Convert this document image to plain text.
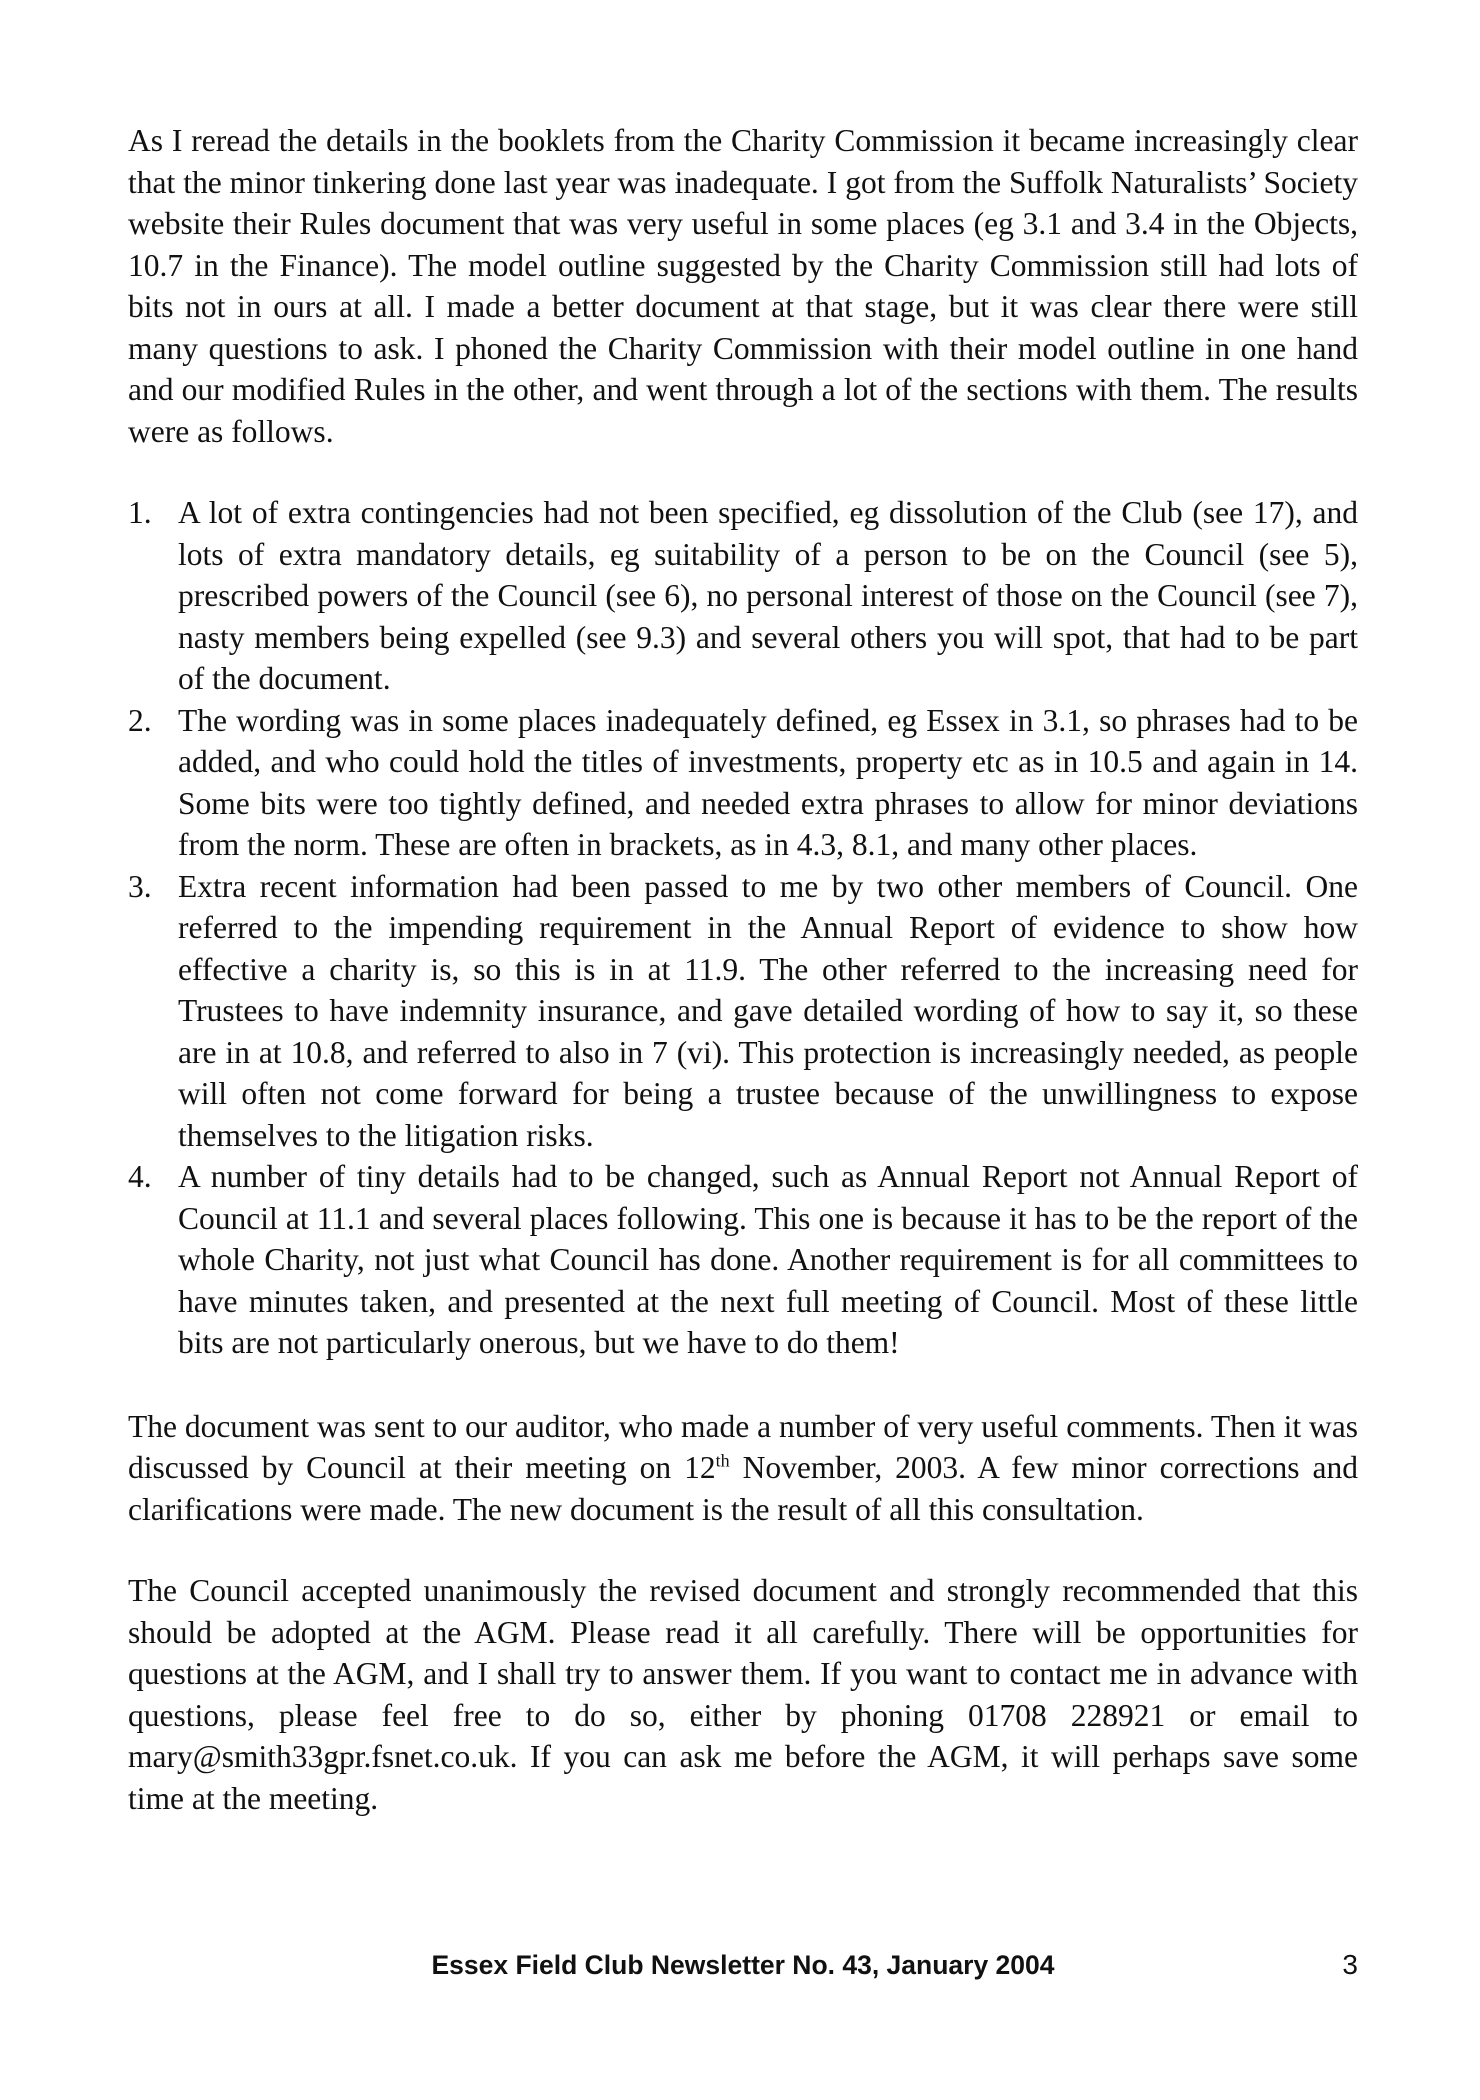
As I reread the details in the booklets from the Charity Commission it became increasingly clear that the minor tinkering done last year was inadequate. I got from the Suffolk Naturalists’ Society website their Rules document that was very useful in some places (eg 3.1 and 3.4 in the Objects, 10.7 in the Finance). The model outline suggested by the Charity Commission still had lots of bits not in ours at all. I made a better document at that stage, but it was clear there were still many questions to ask. I phoned the Charity Commission with their model outline in one hand and our modified Rules in the other, and went through a lot of the sections with them. The results were as follows.

1. A lot of extra contingencies had not been specified, eg dissolution of the Club (see 17), and lots of extra mandatory details, eg suitability of a person to be on the Council (see 5), prescribed powers of the Council (see 6), no personal interest of those on the Council (see 7), nasty members being expelled (see 9.3) and several others you will spot, that had to be part of the document.
2. The wording was in some places inadequately defined, eg Essex in 3.1, so phrases had to be added, and who could hold the titles of investments, property etc as in 10.5 and again in 14. Some bits were too tightly defined, and needed extra phrases to allow for minor deviations from the norm. These are often in brackets, as in 4.3, 8.1, and many other places.
3. Extra recent information had been passed to me by two other members of Council. One referred to the impending requirement in the Annual Report of evidence to show how effective a charity is, so this is in at 11.9. The other referred to the increasing need for Trustees to have indemnity insurance, and gave detailed wording of how to say it, so these are in at 10.8, and referred to also in 7 (vi). This protection is increasingly needed, as people will often not come forward for being a trustee because of the unwillingness to expose themselves to the litigation risks.
4. A number of tiny details had to be changed, such as Annual Report not Annual Report of Council at 11.1 and several places following. This one is because it has to be the report of the whole Charity, not just what Council has done. Another requirement is for all committees to have minutes taken, and presented at the next full meeting of Council. Most of these little bits are not particularly onerous, but we have to do them!

The document was sent to our auditor, who made a number of very useful comments. Then it was discussed by Council at their meeting on 12th November, 2003. A few minor corrections and clarifications were made. The new document is the result of all this consultation.

The Council accepted unanimously the revised document and strongly recommended that this should be adopted at the AGM. Please read it all carefully. There will be opportunities for questions at the AGM, and I shall try to answer them. If you want to contact me in advance with questions, please feel free to do so, either by phoning 01708 228921 or email to mary@smith33gpr.fsnet.co.uk. If you can ask me before the AGM, it will perhaps save some time at the meeting.

Essex Field Club Newsletter No. 43, January 2004	3
